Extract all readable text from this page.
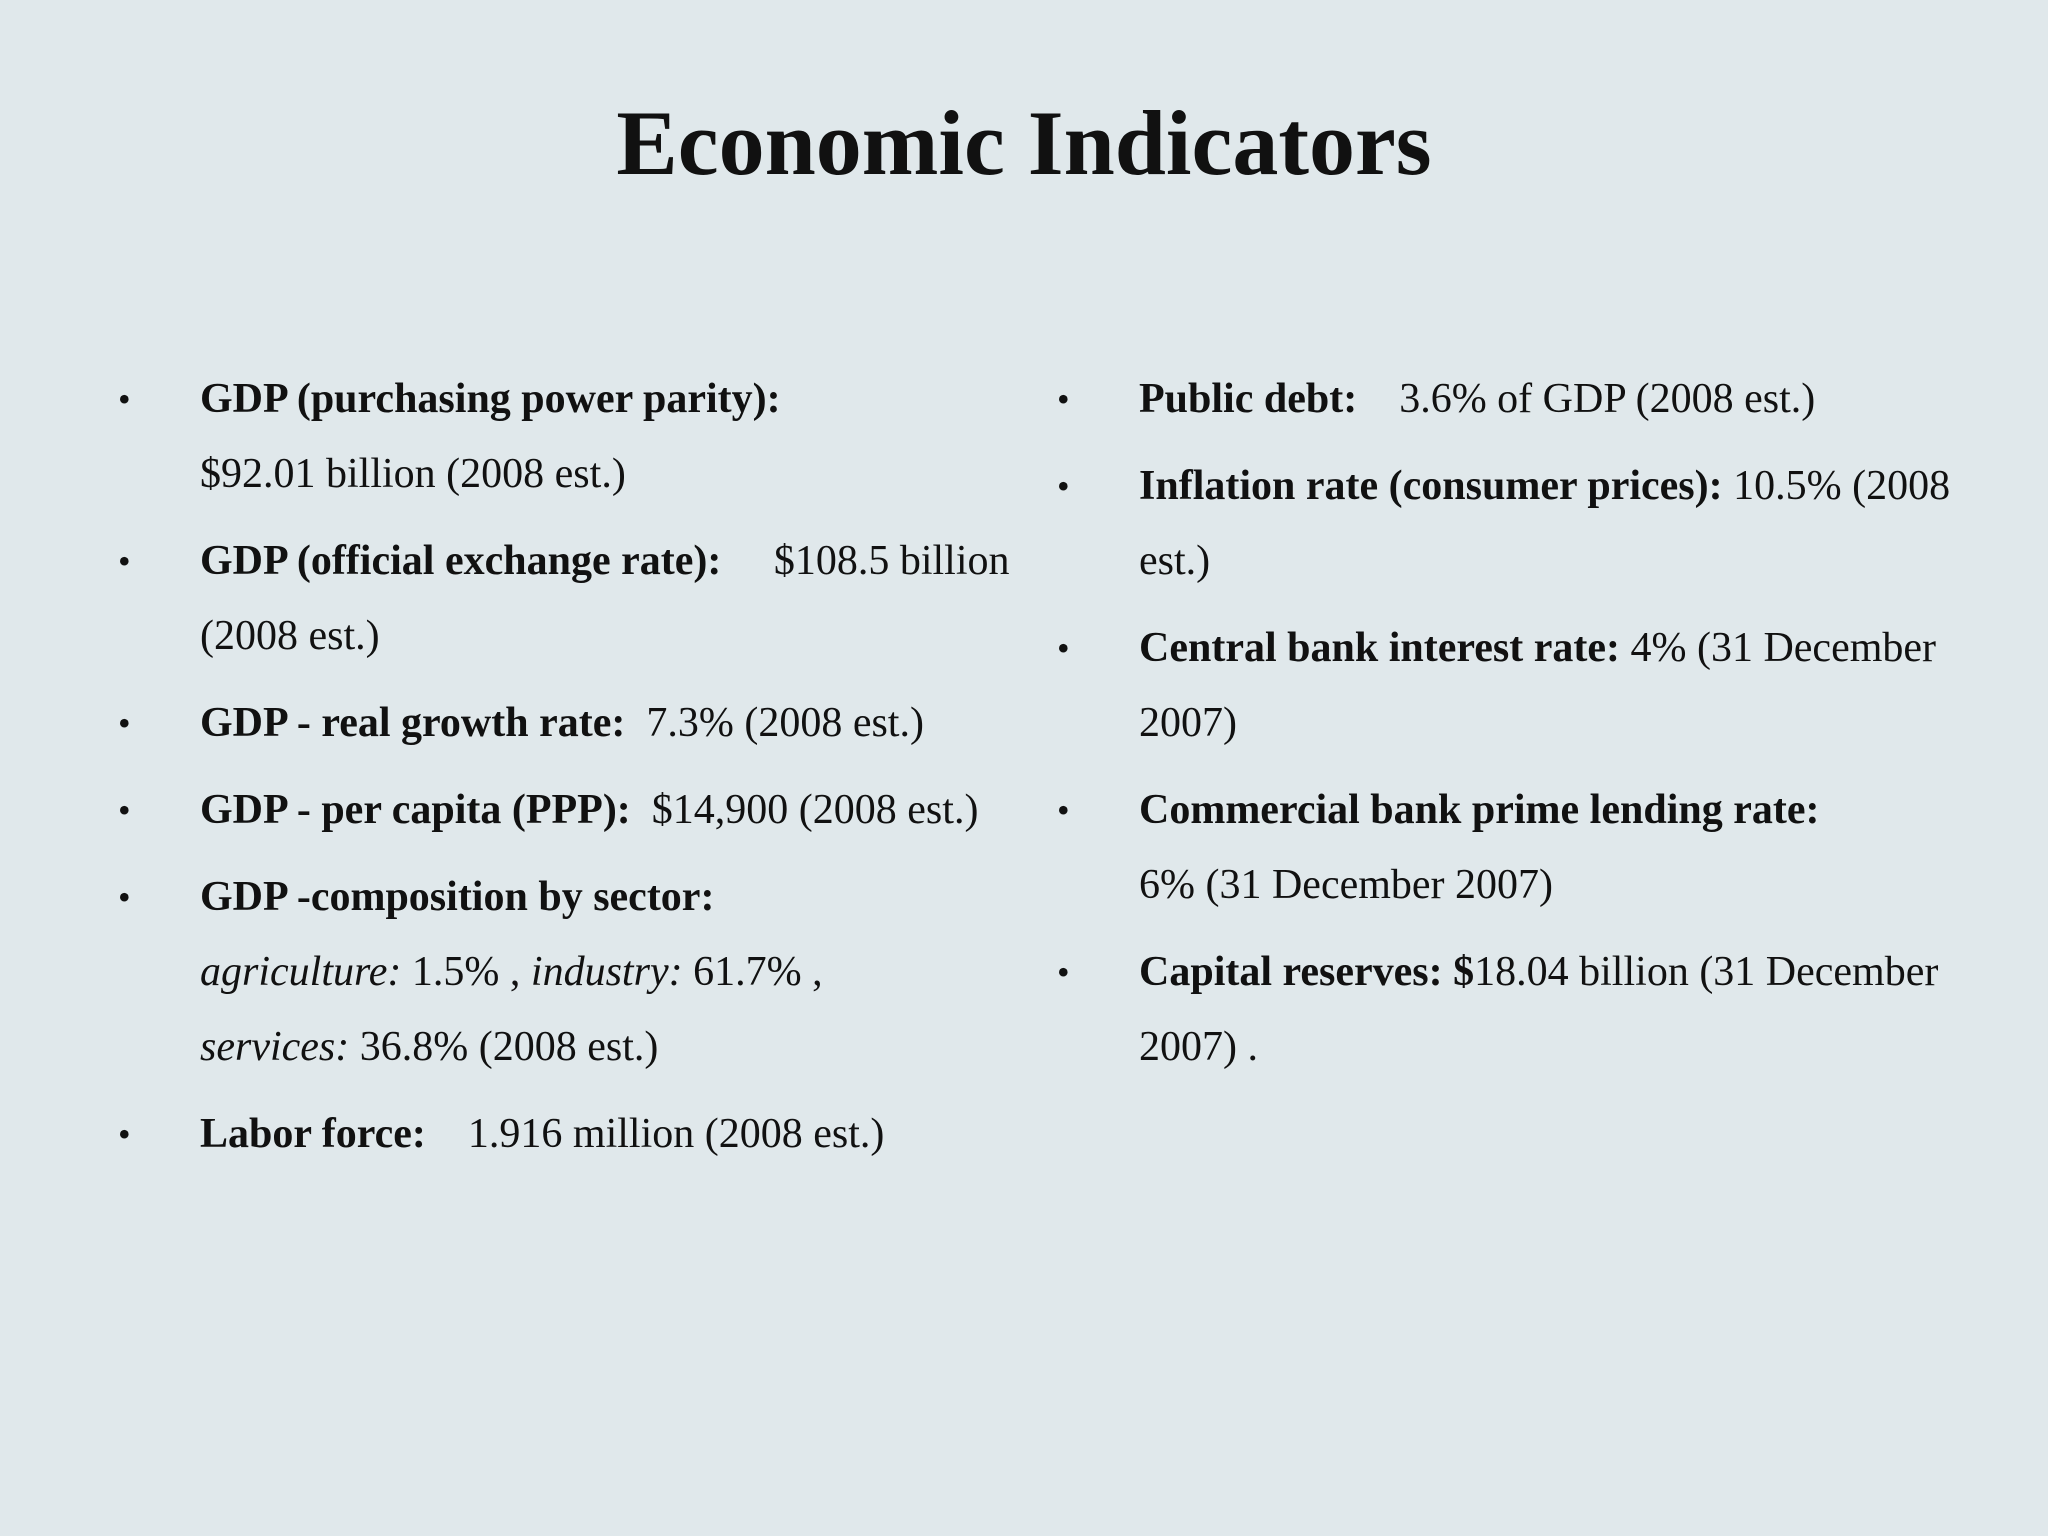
Economic Indicators
•	GDP (purchasing power parity):
$92.01 billion (2008 est.)
•	GDP (official exchange rate): $108.5 billion (2008 est.)
•	GDP - real growth rate: 7.3% (2008 est.)
•	GDP - per capita (PPP): $14,900 (2008 est.)
•	GDP -composition by sector:
agriculture: 1.5% , industry: 61.7% ,
services: 36.8% (2008 est.)
•	Labor force: 1.916 million (2008 est.)
•	Public debt: 3.6% of GDP (2008 est.)
•	Inflation rate (consumer prices): 10.5% (2008 est.)
•	Central bank interest rate: 4% (31 December 2007)
•	Commercial bank prime lending rate:
6% (31 December 2007)
•	Capital reserves: $18.04 billion (31 December 2007) .
